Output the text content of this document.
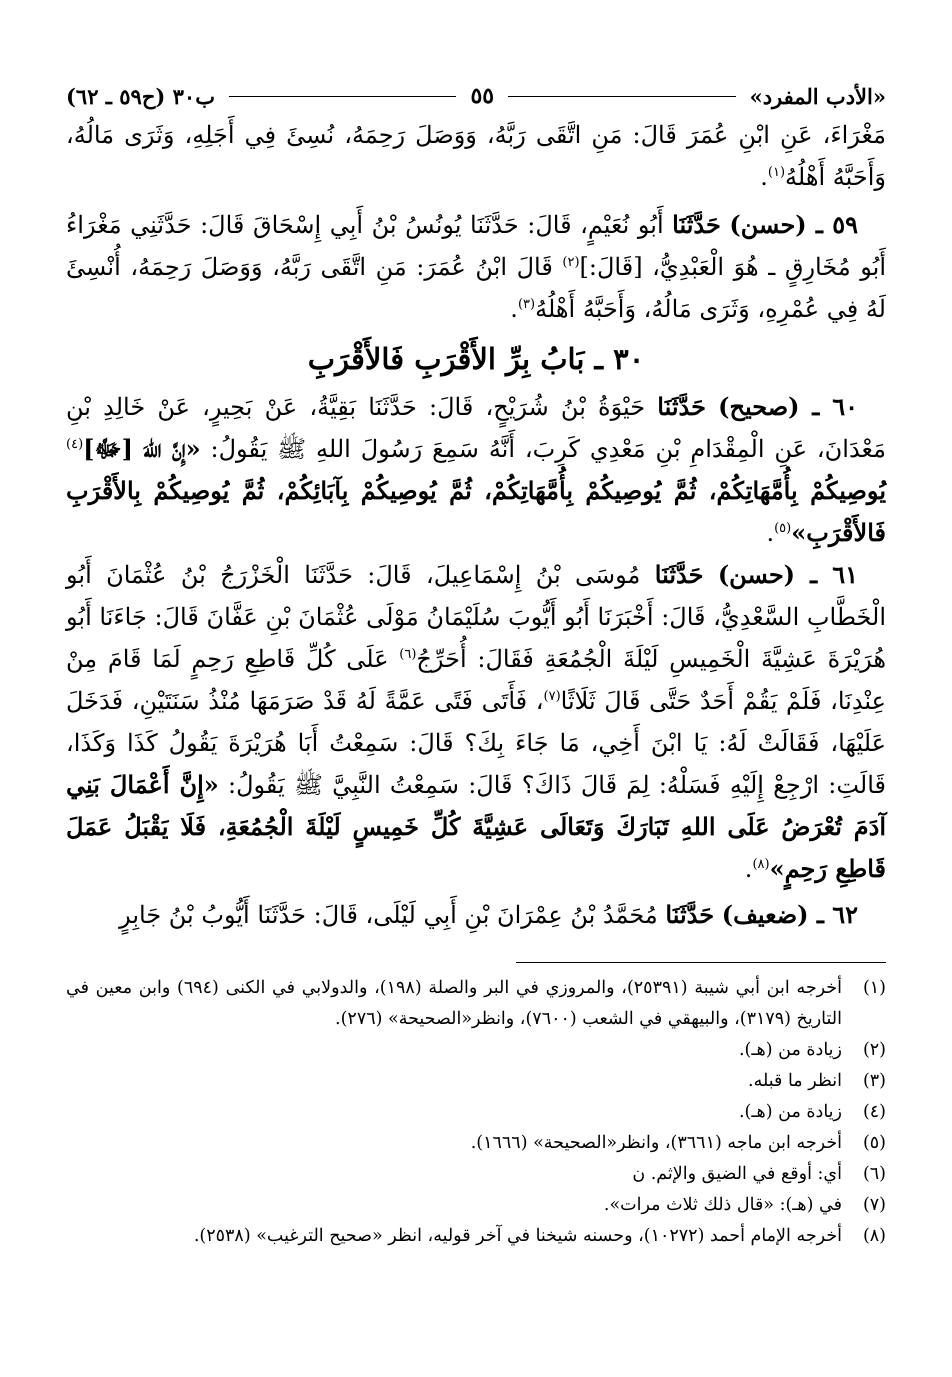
«الأدب المفرد»
٥٥
ب٣٠ (ح٥٩ ـ ٦٢)

مَغْرَاءَ، عَنِ ابْنِ عُمَرَ قَالَ: مَنِ اتَّقَى رَبَّهُ، وَوَصَلَ رَحِمَهُ، نُسِئَ فِي أَجَلِهِ، وَثَرَى مَالُهُ، وَأَحَبَّهُ أَهْلُهُ$^{(١)}$.

٥٩ ـ (حسن) حَدَّثَنَا أَبُو نُعَيْمٍ، قَالَ: حَدَّثَنَا يُونُسُ بْنُ أَبِي إِسْحَاقَ قَالَ: حَدَّثَنِي مَغْرَاءُ أَبُو مُخَارِقٍ ـ هُوَ الْعَبْدِيُّ، [قَالَ:]$^{(٢)}$ قَالَ ابْنُ عُمَرَ: مَنِ اتَّقَى رَبَّهُ، وَوَصَلَ رَحِمَهُ، أُنْسِئَ لَهُ فِي عُمْرِهِ، وَثَرَى مَالُهُ، وَأَحَبَّهُ أَهْلُهُ$^{(٣)}$.

٣٠ ـ بَابُ بِرِّ الأَقْرَبِ فَالأَقْرَبِ

٦٠ ـ (صحيح) حَدَّثَنَا حَيْوَةُ بْنُ شُرَيْحٍ، قَالَ: حَدَّثَنَا بَقِيَّةُ، عَنْ بَحِيرٍ، عَنْ خَالِدِ بْنِ مَعْدَانَ، عَنِ الْمِقْدَامِ بْنِ مَعْدِي كَرِبَ، أَنَّهُ سَمِعَ رَسُولَ اللهِ ﷺ يَقُولُ: «إِنَّ اللهَ [ﷻ]$^{(٤)}$ يُوصِيكُمْ بِأُمَّهَاتِكُمْ، ثُمَّ يُوصِيكُمْ بِأُمَّهَاتِكُمْ، ثُمَّ يُوصِيكُمْ بِآبَائِكُمْ، ثُمَّ يُوصِيكُمْ بِالأَقْرَبِ فَالأَقْرَبِ»$^{(٥)}$.

٦١ ـ (حسن) حَدَّثَنَا مُوسَى بْنُ إِسْمَاعِيلَ، قَالَ: حَدَّثَنَا الْخَزْرَجُ بْنُ عُثْمَانَ أَبُو الْخَطَّابِ السَّعْدِيُّ، قَالَ: أَخْبَرَنَا أَبُو أَيُّوبَ سُلَيْمَانُ مَوْلَى عُثْمَانَ بْنِ عَفَّانَ قَالَ: جَاءَنَا أَبُو هُرَيْرَةَ عَشِيَّةَ الْخَمِيسِ لَيْلَةَ الْجُمُعَةِ فَقَالَ: أُحَرِّجُ$^{(٦)}$ عَلَى كُلِّ قَاطِعِ رَحِمٍ لَمَا قَامَ مِنْ عِنْدِنَا، فَلَمْ يَقُمْ أَحَدٌ حَتَّى قَالَ ثَلَاثًا$^{(٧)}$، فَأَتَى فَتًى عَمَّةً لَهُ قَدْ صَرَمَهَا مُنْذُ سَنَتَيْنِ، فَدَخَلَ عَلَيْهَا، فَقَالَتْ لَهُ: يَا ابْنَ أَخِي، مَا جَاءَ بِكَ؟ قَالَ: سَمِعْتُ أَبَا هُرَيْرَةَ يَقُولُ كَذَا وَكَذَا، قَالَتِ: ارْجِعْ إِلَيْهِ فَسَلْهُ: لِمَ قَالَ ذَاكَ؟ قَالَ: سَمِعْتُ النَّبِيَّ ﷺ يَقُولُ: «إِنَّ أَعْمَالَ بَنِي آدَمَ تُعْرَضُ عَلَى اللهِ تَبَارَكَ وَتَعَالَى عَشِيَّةَ كُلِّ خَمِيسٍ لَيْلَةَ الْجُمُعَةِ، فَلَا يَقْبَلُ عَمَلَ قَاطِعِ رَحِمٍ»$^{(٨)}$.

٦٢ ـ (ضعيف) حَدَّثَنَا مُحَمَّدُ بْنُ عِمْرَانَ بْنِ أَبِي لَيْلَى، قَالَ: حَدَّثَنَا أَيُّوبُ بْنُ جَابِرٍ

(١)
أخرجه ابن أبي شيبة (٢٥٣٩١)، والمروزي في البر والصلة (١٩٨)، والدولابي في الكنى (٦٩٤) وابن معين في التاريخ (٣١٧٩)، والبيهقي في الشعب (٧٦٠٠)، وانظر«الصحيحة» (٢٧٦).
(٢)
زيادة من (هـ).
(٣)
انظر ما قبله.
(٤)
زيادة من (هـ).
(٥)
أخرجه ابن ماجه (٣٦٦١)، وانظر«الصحيحة» (١٦٦٦).
(٦)
أي: أوقع في الضيق والإثم. ن
(٧)
في (هـ): «قال ذلك ثلاث مرات».
(٨)
أخرجه الإمام أحمد (١٠٢٧٢)، وحسنه شيخنا في آخر قوليه، انظر «صحيح الترغيب» (٢٥٣٨).
